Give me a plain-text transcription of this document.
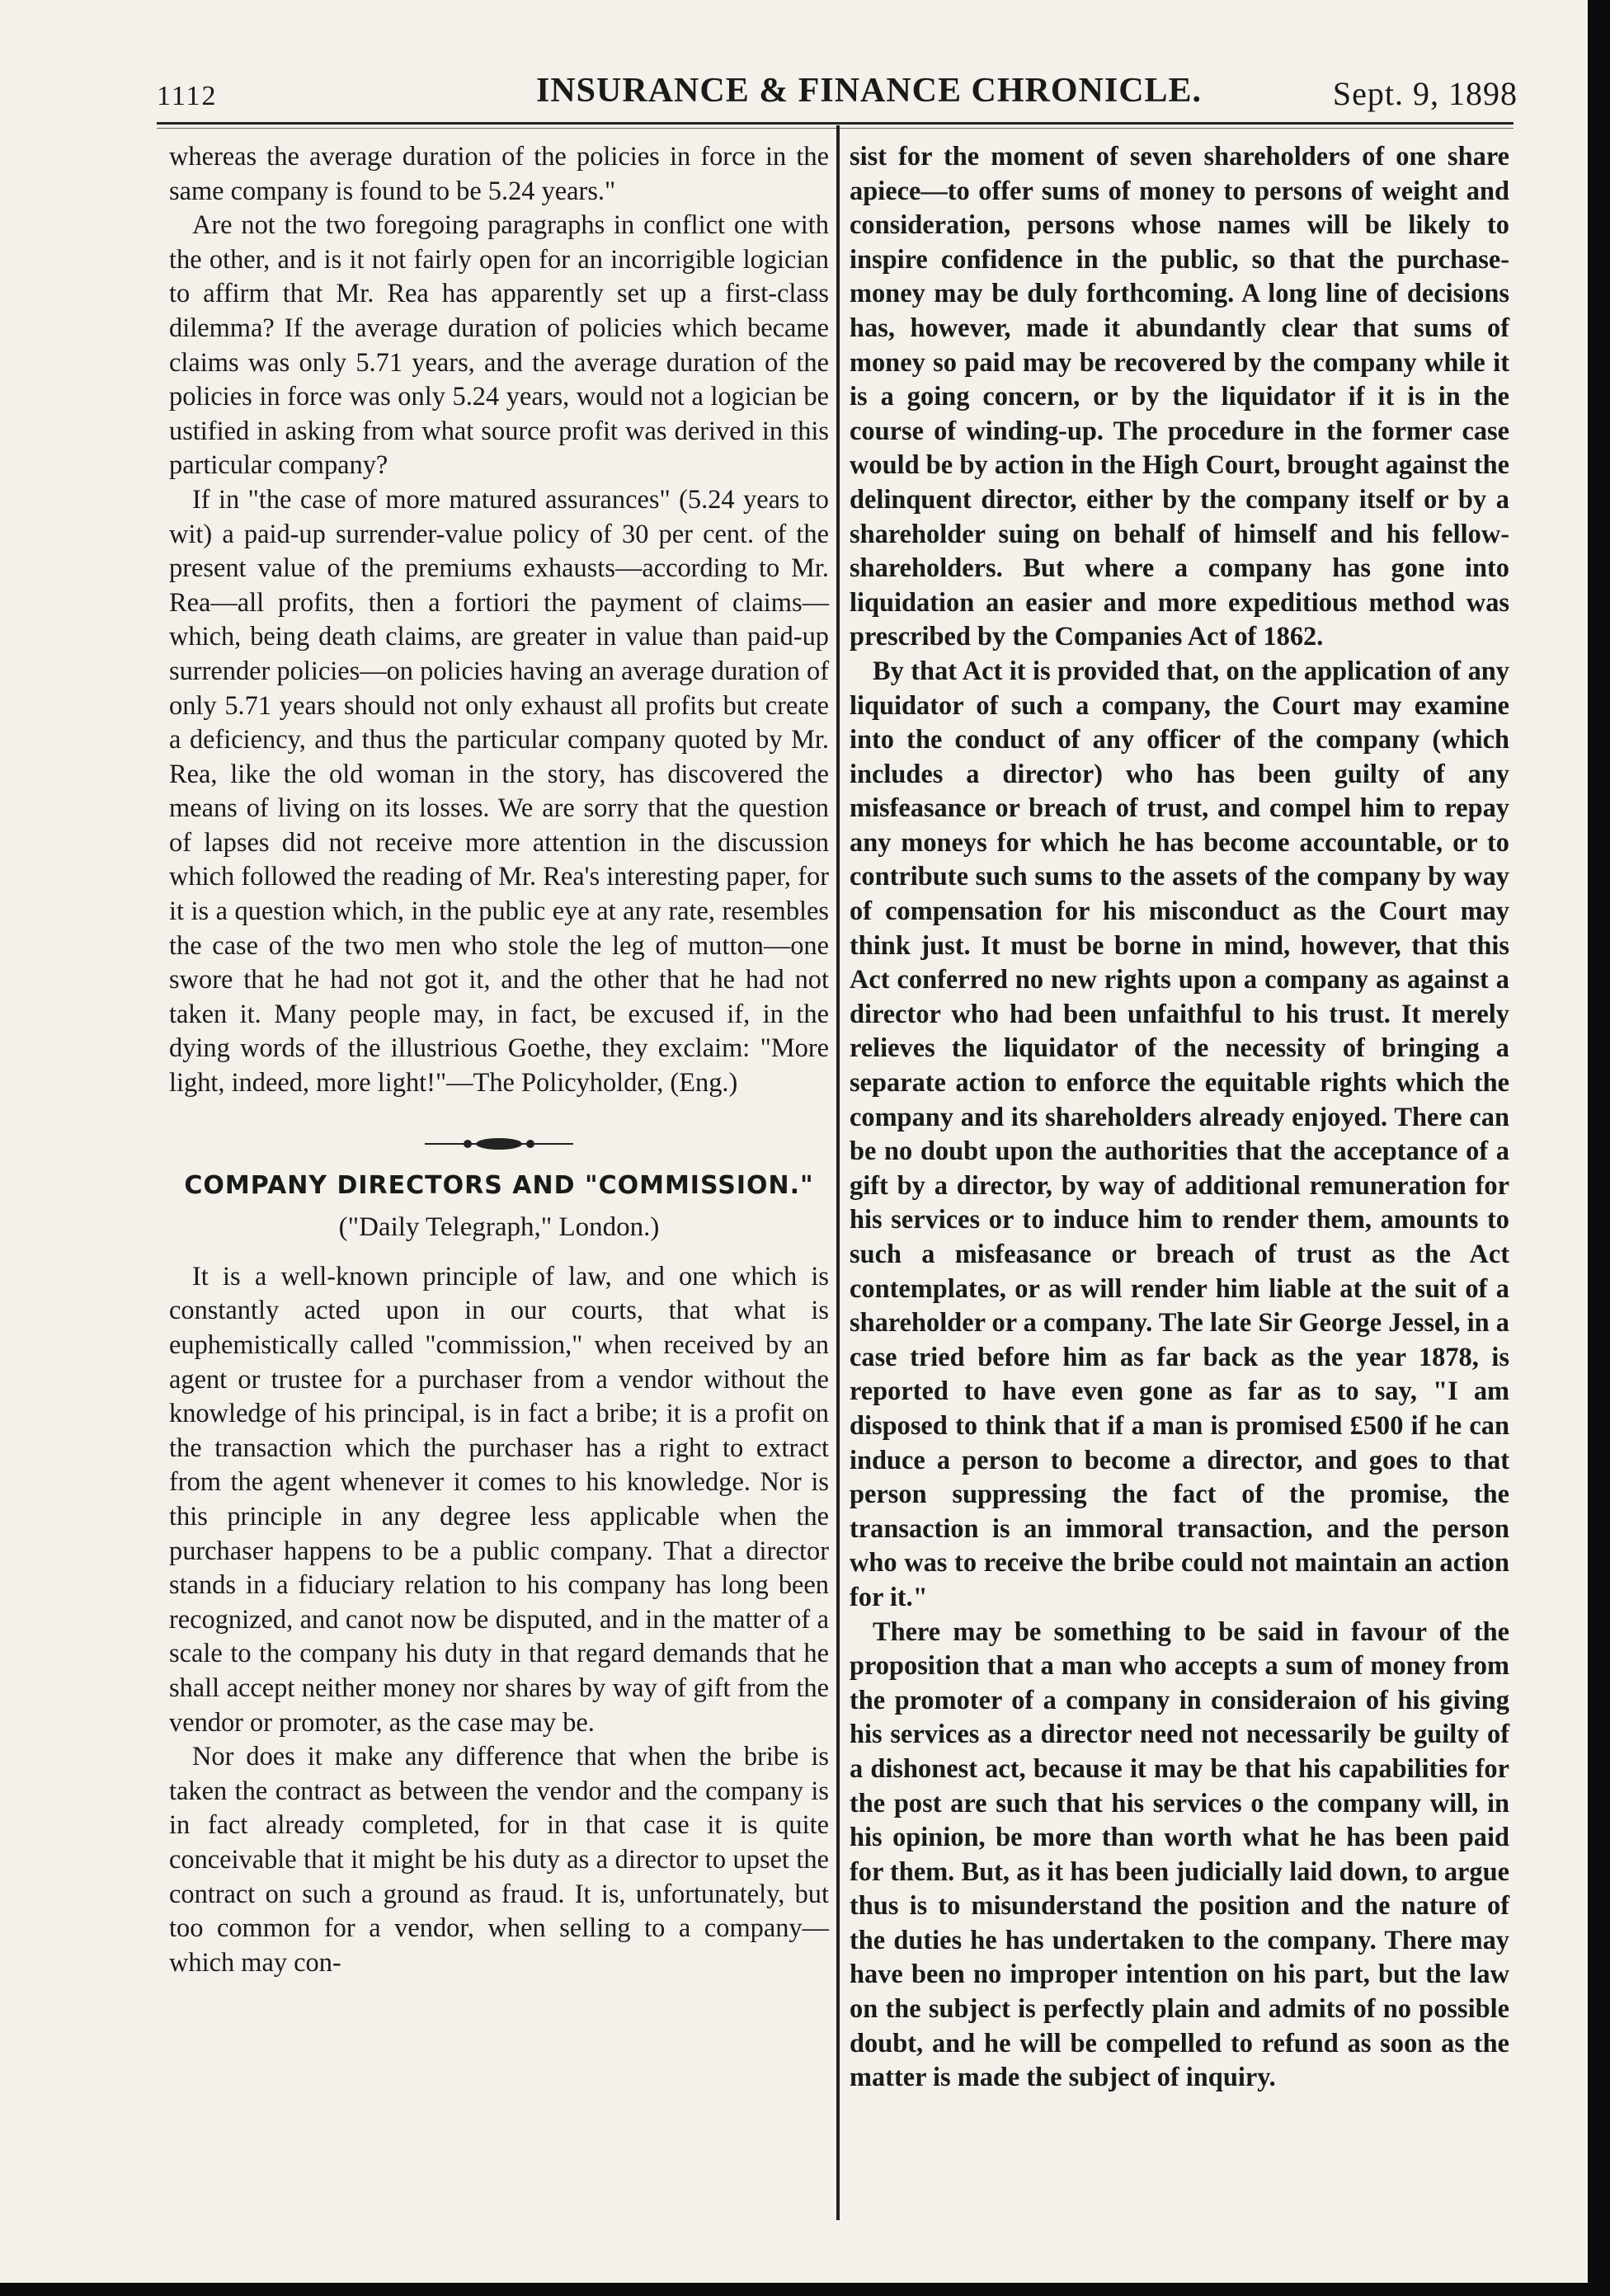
1112	INSURANCE & FINANCE CHRONICLE.	Sept. 9, 1898

whereas the average duration of the policies in force in the same company is found to be 5.24 years."

Are not the two foregoing paragraphs in conflict one with the other, and is it not fairly open for an incorrigible logician to affirm that Mr. Rea has apparently set up a first-class dilemma? If the average duration of policies which became claims was only 5.71 years, and the average duration of the policies in force was only 5.24 years, would not a logician be ustified in asking from what source profit was derived in this particular company?

If in "the case of more matured assurances" (5.24 years to wit) a paid-up surrender-value policy of 30 per cent. of the present value of the premiums exhausts—according to Mr. Rea—all profits, then a fortiori the payment of claims—which, being death claims, are greater in value than paid-up surrender policies—on policies having an average duration of only 5.71 years should not only exhaust all profits but create a deficiency, and thus the particular company quoted by Mr. Rea, like the old woman in the story, has discovered the means of living on its losses. We are sorry that the question of lapses did not receive more attention in the discussion which followed the reading of Mr. Rea's interesting paper, for it is a question which, in the public eye at any rate, resembles the case of the two men who stole the leg of mutton—one swore that he had not got it, and the other that he had not taken it. Many people may, in fact, be excused if, in the dying words of the illustrious Goethe, they exclaim: "More light, indeed, more light!"—The Policyholder, (Eng.)

COMPANY DIRECTORS AND "COMMISSION."
("Daily Telegraph," London.)

It is a well-known principle of law, and one which is constantly acted upon in our courts, that what is euphemistically called "commission," when received by an agent or trustee for a purchaser from a vendor without the knowledge of his principal, is in fact a bribe; it is a profit on the transaction which the purchaser has a right to extract from the agent whenever it comes to his knowledge. Nor is this principle in any degree less applicable when the purchaser happens to be a public company. That a director stands in a fiduciary relation to his company has long been recognized, and canot now be disputed, and in the matter of a scale to the company his duty in that regard demands that he shall accept neither money nor shares by way of gift from the vendor or promoter, as the case may be.

Nor does it make any difference that when the bribe is taken the contract as between the vendor and the company is in fact already completed, for in that case it is quite conceivable that it might be his duty as a director to upset the contract on such a ground as fraud. It is, unfortunately, but too common for a vendor, when selling to a company—which may con-

sist for the moment of seven shareholders of one share apiece—to offer sums of money to persons of weight and consideration, persons whose names will be likely to inspire confidence in the public, so that the purchase-money may be duly forthcoming. A long line of decisions has, however, made it abundantly clear that sums of money so paid may be recovered by the company while it is a going concern, or by the liquidator if it is in the course of winding-up. The procedure in the former case would be by action in the High Court, brought against the delinquent director, either by the company itself or by a shareholder suing on behalf of himself and his fellow-shareholders. But where a company has gone into liquidation an easier and more expeditious method was prescribed by the Companies Act of 1862.

By that Act it is provided that, on the application of any liquidator of such a company, the Court may examine into the conduct of any officer of the company (which includes a director) who has been guilty of any misfeasance or breach of trust, and compel him to repay any moneys for which he has become accountable, or to contribute such sums to the assets of the company by way of compensation for his misconduct as the Court may think just. It must be borne in mind, however, that this Act conferred no new rights upon a company as against a director who had been unfaithful to his trust. It merely relieves the liquidator of the necessity of bringing a separate action to enforce the equitable rights which the company and its shareholders already enjoyed. There can be no doubt upon the authorities that the acceptance of a gift by a director, by way of additional remuneration for his services or to induce him to render them, amounts to such a misfeasance or breach of trust as the Act contemplates, or as will render him liable at the suit of a shareholder or a company. The late Sir George Jessel, in a case tried before him as far back as the year 1878, is reported to have even gone as far as to say, "I am disposed to think that if a man is promised £500 if he can induce a person to become a director, and goes to that person suppressing the fact of the promise, the transaction is an immoral transaction, and the person who was to receive the bribe could not maintain an action for it."

There may be something to be said in favour of the proposition that a man who accepts a sum of money from the promoter of a company in consideraion of his giving his services as a director need not necessarily be guilty of a dishonest act, because it may be that his capabilities for the post are such that his services o the company will, in his opinion, be more than worth what he has been paid for them. But, as it has been judicially laid down, to argue thus is to misunderstand the position and the nature of the duties he has undertaken to the company. There may have been no improper intention on his part, but the law on the subject is perfectly plain and admits of no possible doubt, and he will be compelled to refund as soon as the matter is made the subject of inquiry.
